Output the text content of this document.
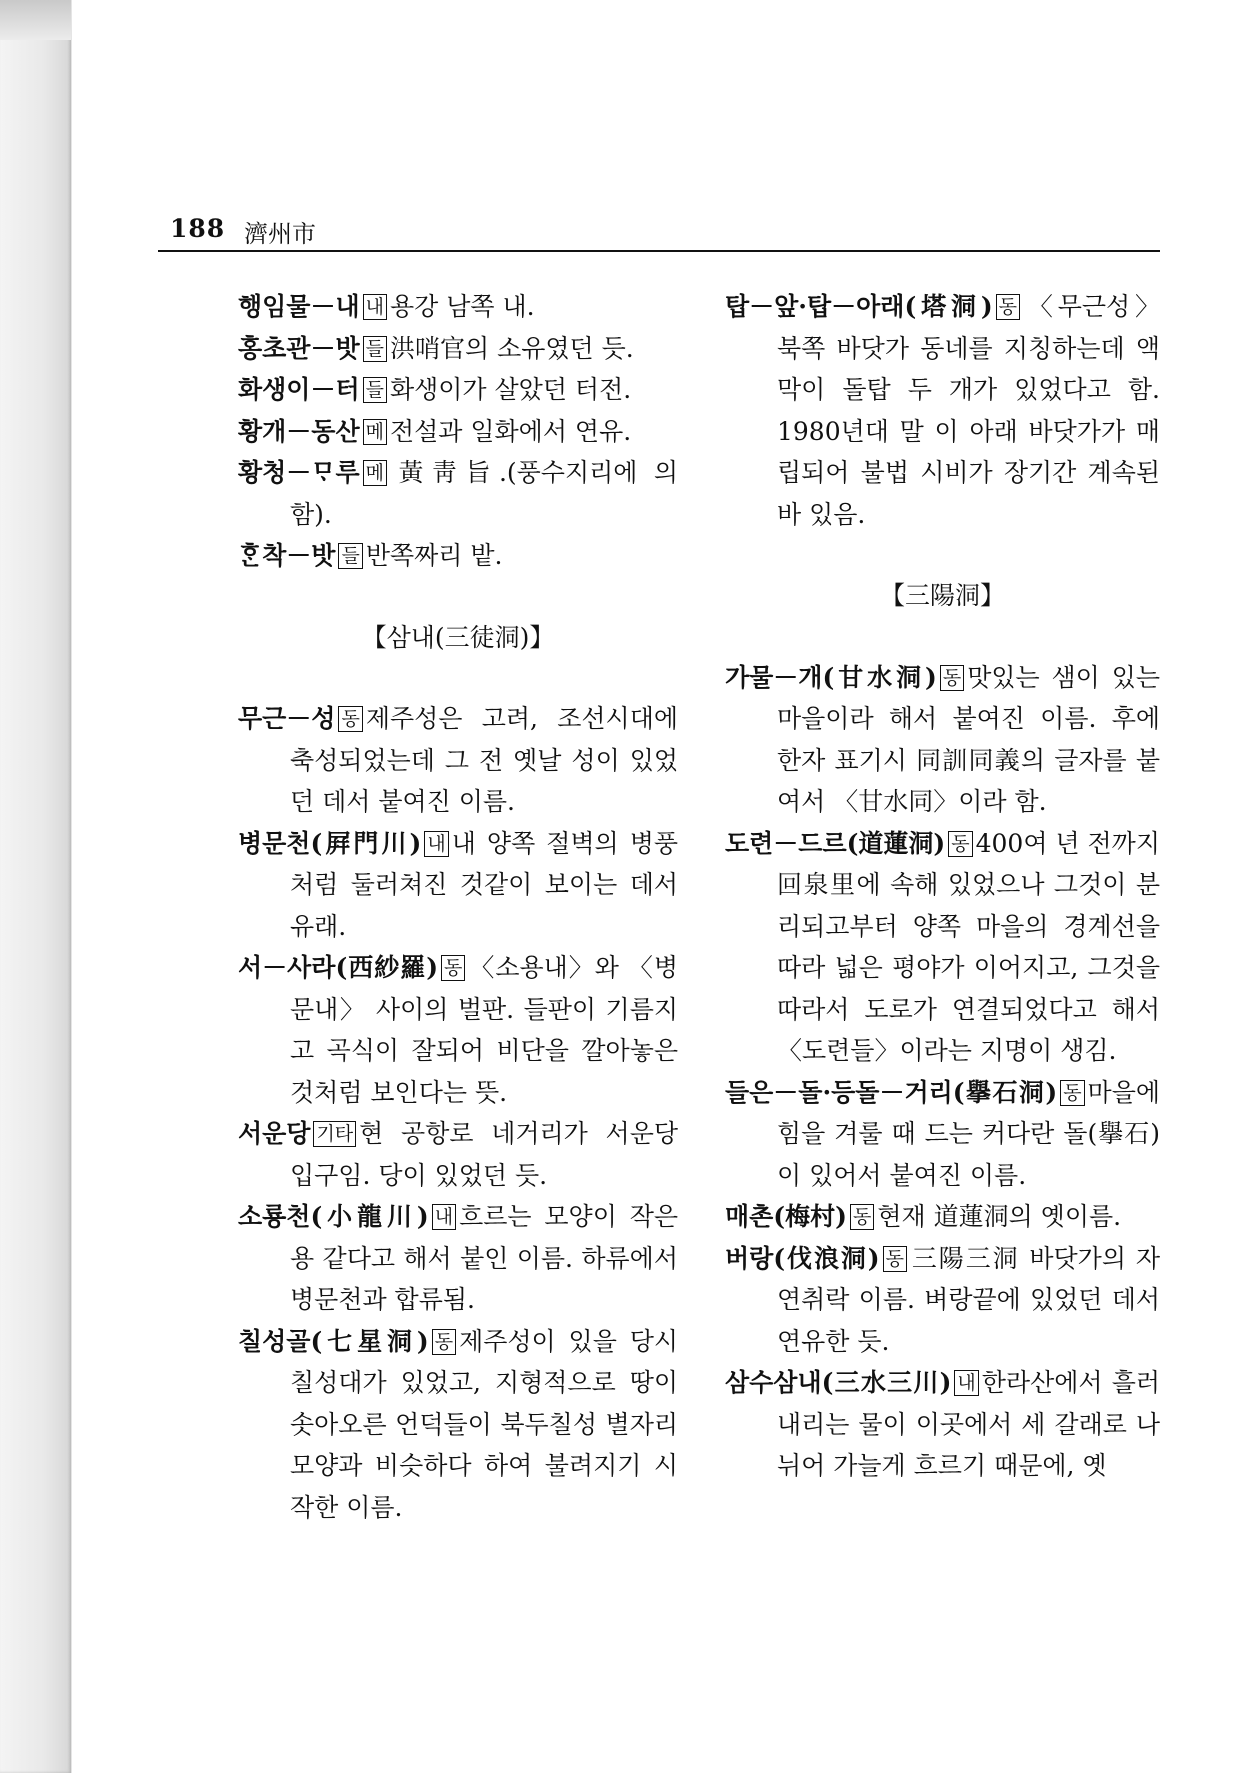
188 濟州市

행임물－내 내 용강 남쪽 내.

홍초관－밧 들 洪哨官의 소유였던 듯.

화생이－터 들 화생이가 살았던 터전.

황개－동산 메 전설과 일화에서 연유.

황청－ᄆᆞ루 메 黃靑旨.(풍수지리에 의 함).

ᄒᆞᆫ착－밧 들 반쪽짜리 밭.

【삼내(三徒洞)】

무근－성 동 제주성은 고려, 조선시대에 축성되었는데 그 전 옛날 성이 있었던 데서 붙여진 이름.

병문천(屛門川) 내 내 양쪽 절벽의 병풍처럼 둘러쳐진 것같이 보이는 데서 유래.

서－사라(西紗羅) 동 〈소용내〉와 〈병문내〉 사이의 벌판. 들판이 기름지고 곡식이 잘되어 비단을 깔아놓은 것처럼 보인다는 뜻.

서운당 기타 현 공항로 네거리가 서운당 입구임. 당이 있었던 듯.

소룡천(小龍川) 내 흐르는 모양이 작은 용 같다고 해서 붙인 이름. 하류에서 병문천과 합류됨.

칠성골(七星洞) 동 제주성이 있을 당시 칠성대가 있었고, 지형적으로 땅이 솟아오른 언덕들이 북두칠성 별자리 모양과 비슷하다 하여 불려지기 시작한 이름.

탑－앞·탑－아래(塔洞) 동 〈무근성〉 북쪽 바닷가 동네를 지칭하는데 액막이 돌탑 두 개가 있었다고 함. 1980년대 말 이 아래 바닷가가 매립되어 불법 시비가 장기간 계속된 바 있음.

【三陽洞】

가물－개(甘水洞) 동 맛있는 샘이 있는 마을이라 해서 붙여진 이름. 후에 한자 표기시 同訓同義의 글자를 붙여서 〈甘水同〉이라 함.

도련－드르(道蓮洞) 동 400여 년 전까지 回泉里에 속해 있었으나 그것이 분리되고부터 양쪽 마을의 경계선을 따라 넓은 평야가 이어지고, 그것을 따라서 도로가 연결되었다고 해서 〈도련들〉이라는 지명이 생김.

들은－돌·등돌－거리(擧石洞) 동 마을에 힘을 겨룰 때 드는 커다란 돌(擧石)이 있어서 붙여진 이름.

매촌(梅村) 동 현재 道蓮洞의 옛이름.

버랑(伐浪洞) 동 三陽三洞 바닷가의 자연취락 이름. 벼랑끝에 있었던 데서 연유한 듯.

삼수삼내(三水三川) 내 한라산에서 흘러내리는 물이 이곳에서 세 갈래로 나뉘어 가늘게 흐르기 때문에, 옛
